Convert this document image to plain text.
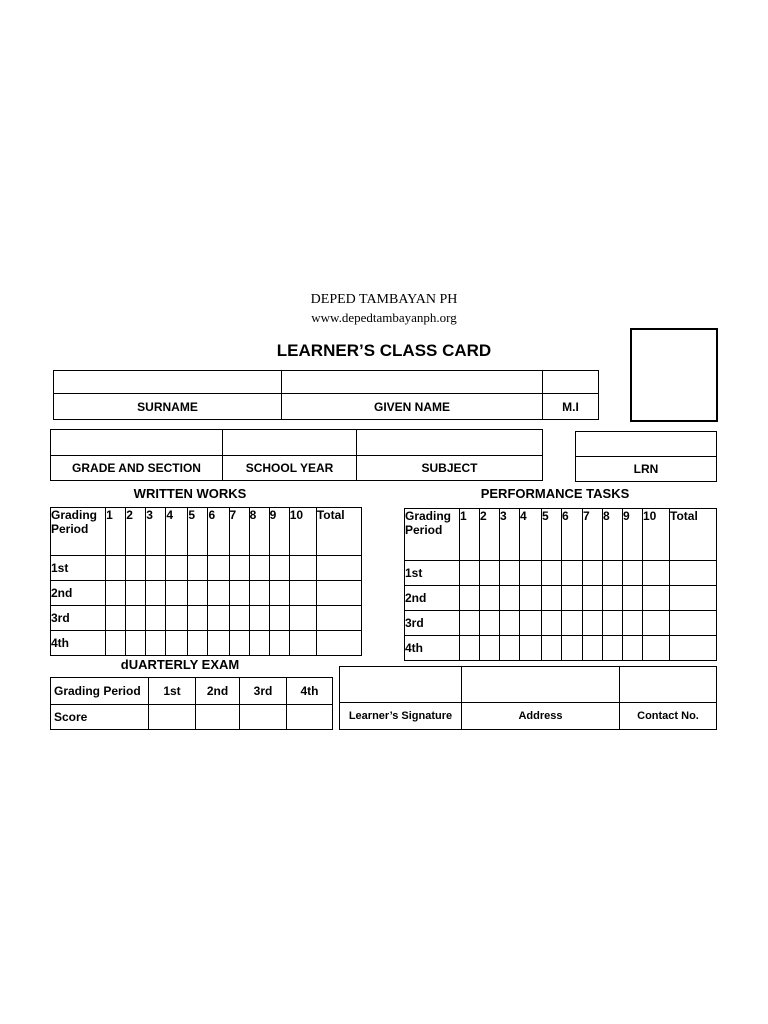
DEPED TAMBAYAN PH
www.depedtambayanph.org
LEARNER’S CLASS CARD

SURNAME	GIVEN NAME	M.I

GRADE AND SECTION	SCHOOL YEAR	SUBJECT	LRN
WRITTEN WORKS	PERFORMANCE TASKS
Grading Period	1	2	3	4	5	6	7	8	9	10	Total
1st											
2nd											
3rd											
4th											
Grading Period	1	2	3	4	5	6	7	8	9	10	Total
1st											
2nd											
3rd											
4th											
dUARTERLY EXAM
Grading Period	1st	2nd	3rd	4th
Score				
			Learner’s Signature	Address	Contact No.
